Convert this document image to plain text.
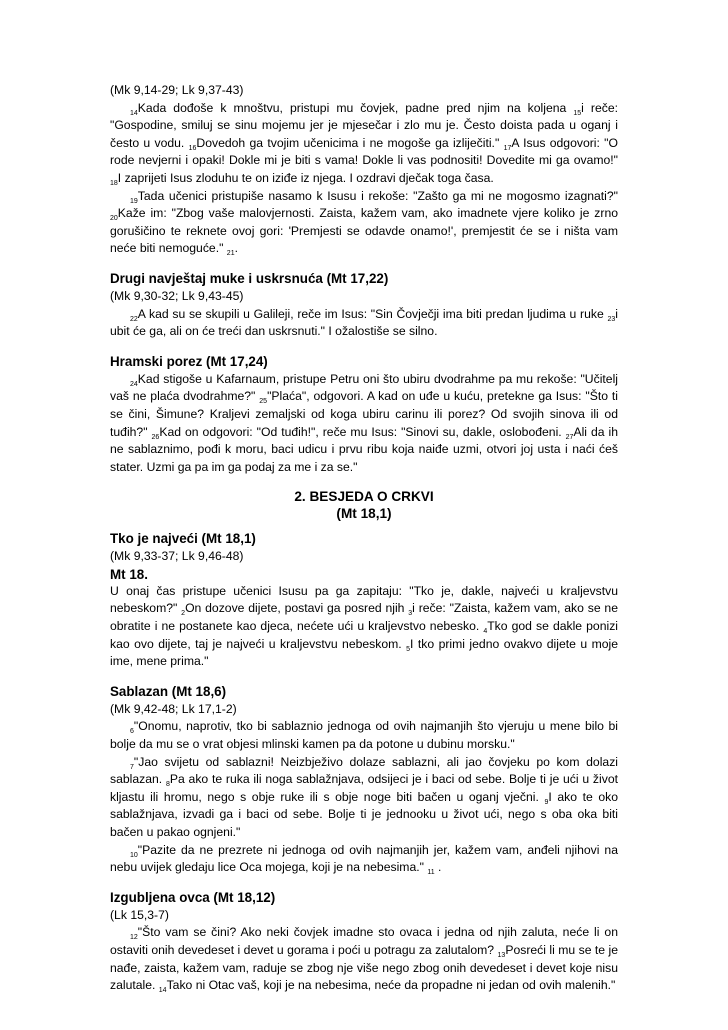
(Mk 9,14-29; Lk 9,37-43)

$_{14}$Kada dođoše k mnoštvu, pristupi mu čovjek, padne pred njim na koljena $_{15}$i reče: "Gospodine, smiluj se sinu mojemu jer je mjesečar i zlo mu je. Često doista pada u oganj i često u vodu. $_{16}$Dovedoh ga tvojim učenicima i ne mogoše ga izliječiti." $_{17}$A Isus odgovori: "O rode nevjerni i opaki! Dokle mi je biti s vama! Dokle li vas podnositi! Dovedite mi ga ovamo!" $_{18}$I zaprijeti Isus zloduhu te on iziđe iz njega. I ozdravi dječak toga časa.

$_{19}$Tada učenici pristupiše nasamo k Isusu i rekoše: "Zašto ga mi ne mogosmo izagnati?" $_{20}$Kaže im: "Zbog vaše malovjernosti. Zaista, kažem vam, ako imadnete vjere koliko je zrno gorušičino te reknete ovoj gori: 'Premjesti se odavde onamo!', premjestit će se i ništa vam neće biti nemoguće." $_{21}$.

Drugi navještaj muke i uskrsnuća (Mt 17,22)

(Mk 9,30-32; Lk 9,43-45)

$_{22}$A kad su se skupili u Galileji, reče im Isus: "Sin Čovječji ima biti predan ljudima u ruke $_{23}$i ubit će ga, ali on će treći dan uskrsnuti." I ožalostiše se silno.

Hramski porez (Mt 17,24)

$_{24}$Kad stigoše u Kafarnaum, pristupe Petru oni što ubiru dvodrahme pa mu rekoše: "Učitelj vaš ne plaća dvodrahme?" $_{25}$"Plaća", odgovori. A kad on uđe u kuću, pretekne ga Isus: "Što ti se čini, Šimune? Kraljevi zemaljski od koga ubiru carinu ili porez? Od svojih sinova ili od tuđih?" $_{26}$Kad on odgovori: "Od tuđih!", reče mu Isus: "Sinovi su, dakle, oslobođeni. $_{27}$Ali da ih ne sablaznimo, pođi k moru, baci udicu i prvu ribu koja naiđe uzmi, otvori joj usta i naći ćeš stater. Uzmi ga pa im ga podaj za me i za se."

2. BESJEDA O CRKVI
(Mt 18,1)
Tko je najveći (Mt 18,1)

(Mk 9,33-37; Lk 9,46-48)

Mt 18.

U onaj čas pristupe učenici Isusu pa ga zapitaju: "Tko je, dakle, najveći u kraljevstvu nebeskom?" $_2$On dozove dijete, postavi ga posred njih $_3$i reče: "Zaista, kažem vam, ako se ne obratite i ne postanete kao djeca, nećete ući u kraljevstvo nebesko. $_4$Tko god se dakle ponizi kao ovo dijete, taj je najveći u kraljevstvu nebeskom. $_5$I tko primi jedno ovakvo dijete u moje ime, mene prima."

Sablazan (Mt 18,6)

(Mk 9,42-48; Lk 17,1-2)

$_6$"Onomu, naprotiv, tko bi sablaznio jednoga od ovih najmanjih što vjeruju u mene bilo bi bolje da mu se o vrat objesi mlinski kamen pa da potone u dubinu morsku."

$_7$"Jao svijetu od sablazni! Neizbježivo dolaze sablazni, ali jao čovjeku po kom dolazi sablazan. $_8$Pa ako te ruka ili noga sablažnjava, odsijeci je i baci od sebe. Bolje ti je ući u život kljastu ili hromu, nego s obje ruke ili s obje noge biti bačen u oganj vječni. $_9$I ako te oko sablažnjava, izvadi ga i baci od sebe. Bolje ti je jednooku u život ući, nego s oba oka biti bačen u pakao ognjeni."

$_{10}$"Pazite da ne prezrete ni jednoga od ovih najmanjih jer, kažem vam, anđeli njihovi na nebu uvijek gledaju lice Oca mojega, koji je na nebesima." $_{11}$ .

Izgubljena ovca (Mt 18,12)

(Lk 15,3-7)

$_{12}$"Što vam se čini? Ako neki čovjek imadne sto ovaca i jedna od njih zaluta, neće li on ostaviti onih devedeset i devet u gorama i poći u potragu za zalutalom? $_{13}$Posreći li mu se te je nađe, zaista, kažem vam, raduje se zbog nje više nego zbog onih devedeset i devet koje nisu zalutale. $_{14}$Tako ni Otac vaš, koji je na nebesima, neće da propadne ni jedan od ovih malenih."
